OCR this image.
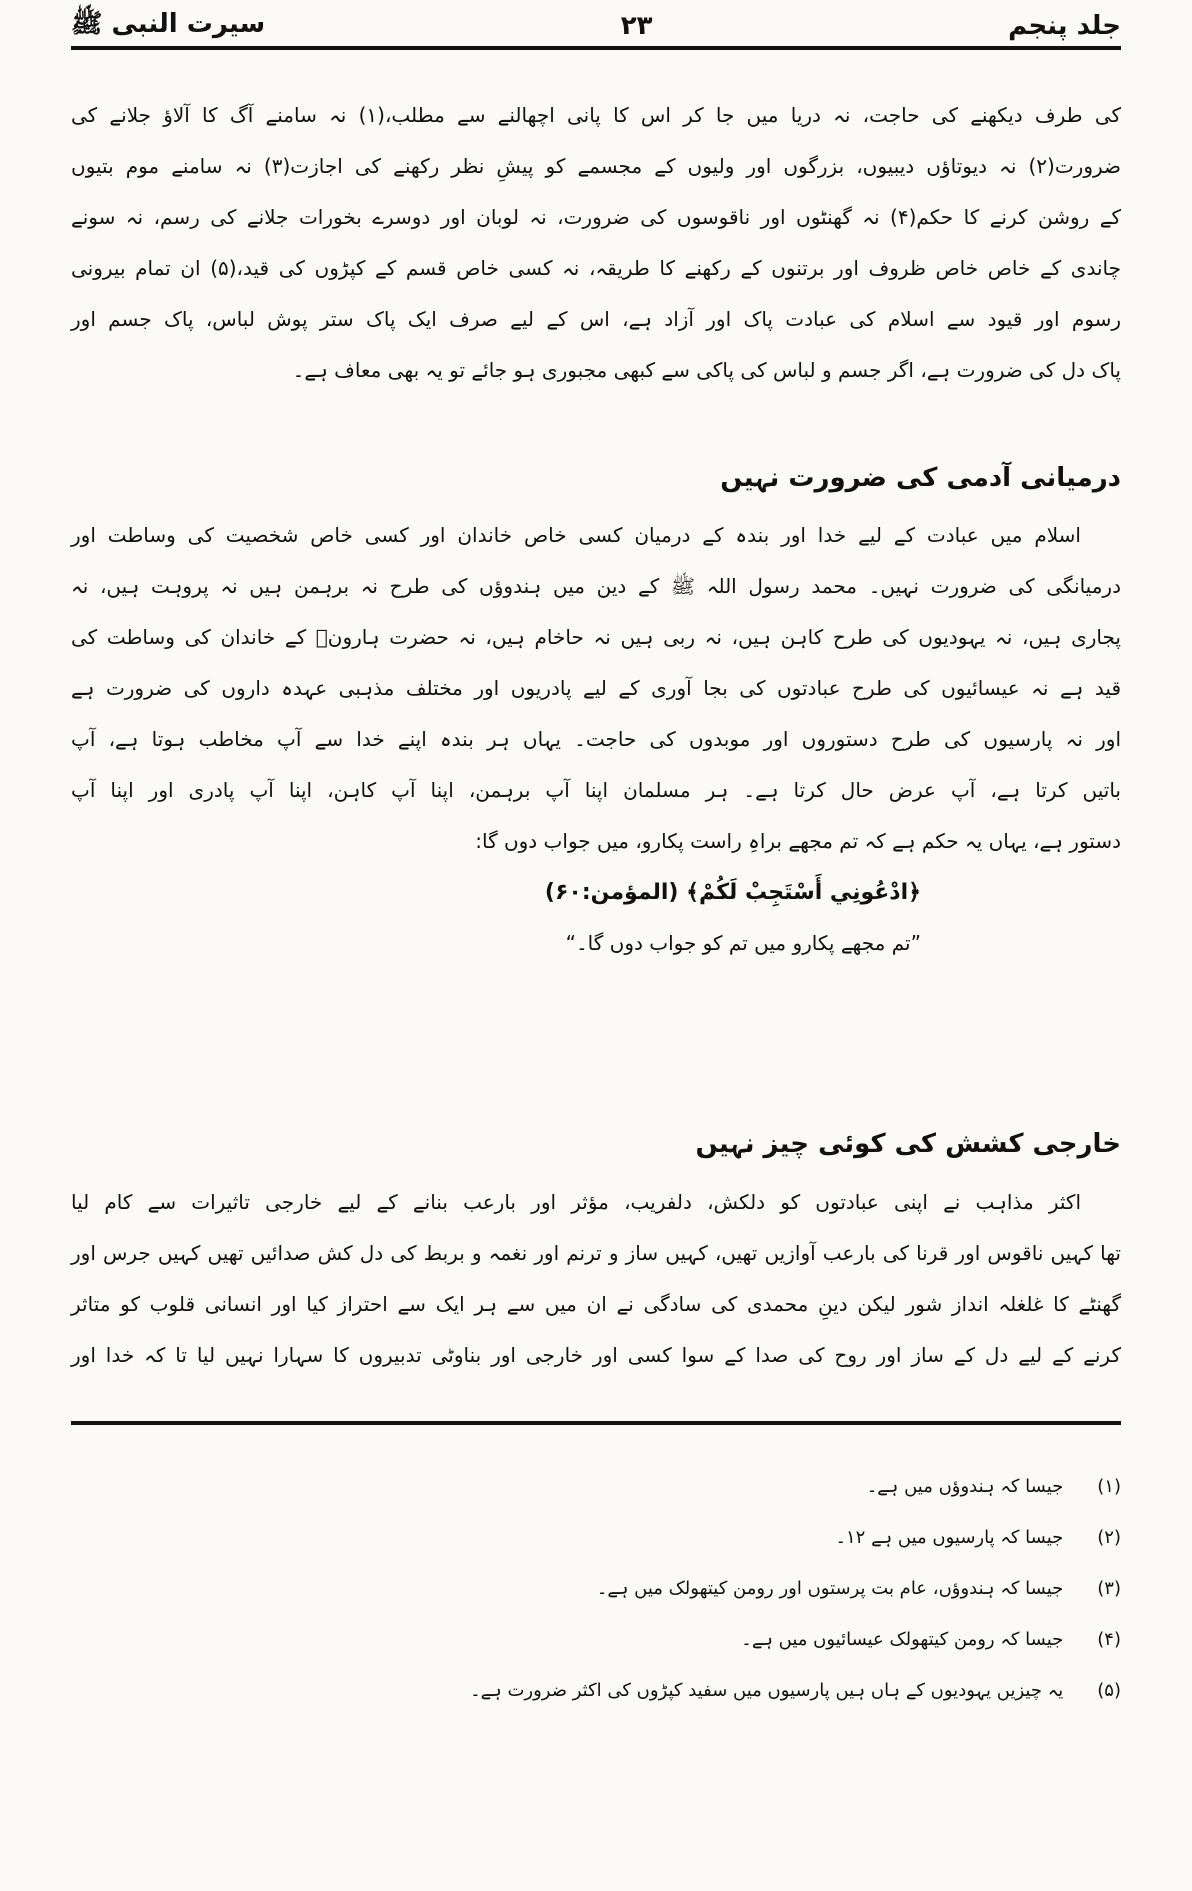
سیرت النبی ﷺ	۲۳	جلد پنجم
کی طرف دیکھنے کی حاجت، نہ دریا میں جا کر اس کا پانی اچھالنے سے مطلب،(۱) نہ سامنے آگ کا آلاؤ جلانے کی
ضرورت(۲) نہ دیوتاؤں دیبیوں، بزرگوں اور ولیوں کے مجسمے کو پیشِ نظر رکھنے کی اجازت(۳) نہ سامنے موم بتیوں
کے روشن کرنے کا حکم(۴) نہ گھنٹوں اور ناقوسوں کی ضرورت، نہ لوبان اور دوسرے بخورات جلانے کی رسم، نہ سونے
چاندی کے خاص خاص ظروف اور برتنوں کے رکھنے کا طریقہ، نہ کسی خاص قسم کے کپڑوں کی قید،(۵) ان تمام بیرونی
رسوم اور قیود سے اسلام کی عبادت پاک اور آزاد ہے، اس کے لیے صرف ایک پاک ستر پوش لباس، پاک جسم اور
پاک دل کی ضرورت ہے، اگر جسم و لباس کی پاکی سے کبھی مجبوری ہو جائے تو یہ بھی معاف ہے۔
درمیانی آدمی کی ضرورت نہیں
اسلام میں عبادت کے لیے خدا اور بندہ کے درمیان کسی خاص خاندان اور کسی خاص شخصیت کی وساطت اور
درمیانگی کی ضرورت نہیں۔ محمد رسول اللہ ﷺ کے دین میں ہندوؤں کی طرح نہ برہمن ہیں نہ پروہت ہیں، نہ
پجاری ہیں، نہ یہودیوں کی طرح کاہن ہیں، نہ ربی ہیں نہ حاخام ہیں، نہ حضرت ہارونؑ کے خاندان کی وساطت کی
قید ہے نہ عیسائیوں کی طرح عبادتوں کی بجا آوری کے لیے پادریوں اور مختلف مذہبی عہدہ داروں کی ضرورت ہے
اور نہ پارسیوں کی طرح دستوروں اور موبدوں کی حاجت۔ یہاں ہر بندہ اپنے خدا سے آپ مخاطب ہوتا ہے، آپ
باتیں کرتا ہے، آپ عرض حال کرتا ہے۔ ہر مسلمان اپنا آپ برہمن، اپنا آپ کاہن، اپنا آپ پادری اور اپنا آپ
دستور ہے، یہاں یہ حکم ہے کہ تم مجھے براہِ راست پکارو، میں جواب دوں گا:
﴿ادْعُونِي أَسْتَجِبْ لَكُمْ﴾ (المؤمن:۶۰)
”تم مجھے پکارو میں تم کو جواب دوں گا۔“
خارجی کشش کی کوئی چیز نہیں
اکثر مذاہب نے اپنی عبادتوں کو دلکش، دلفریب، مؤثر اور بارعب بنانے کے لیے خارجی تاثیرات سے کام لیا
تھا کہیں ناقوس اور قرنا کی بارعب آوازیں تھیں، کہیں ساز و ترنم اور نغمہ و بربط کی دل کش صدائیں تھیں کہیں جرس اور
گھنٹے کا غلغلہ انداز شور لیکن دینِ محمدی کی سادگی نے ان میں سے ہر ایک سے احتراز کیا اور انسانی قلوب کو متاثر
کرنے کے لیے دل کے ساز اور روح کی صدا کے سوا کسی اور خارجی اور بناوٹی تدبیروں کا سہارا نہیں لیا تا کہ خدا اور
(۱) جیسا کہ ہندوؤں میں ہے۔
(۲) جیسا کہ پارسیوں میں ہے ۱۲۔
(۳) جیسا کہ ہندوؤں، عام بت پرستوں اور رومن کیتھولک میں ہے۔
(۴) جیسا کہ رومن کیتھولک عیسائیوں میں ہے۔
(۵) یہ چیزیں یہودیوں کے ہاں ہیں پارسیوں میں سفید کپڑوں کی اکثر ضرورت ہے۔
